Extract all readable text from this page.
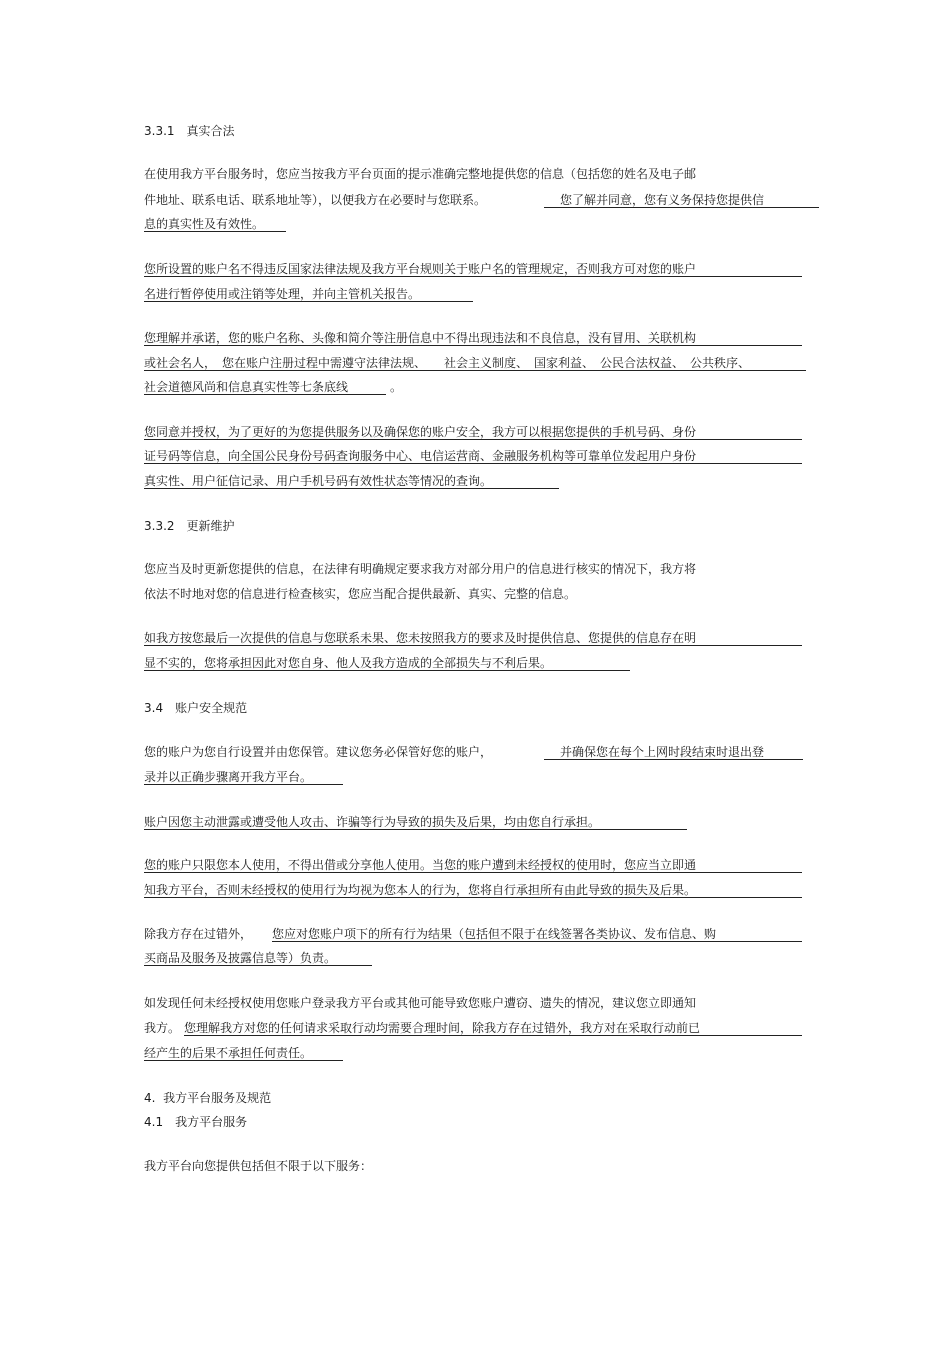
3.3.1　真实合法
在使用我方平台服务时，您应当按我方平台页面的提示准确完整地提供您的信息（包括您的姓名及电子邮
件地址、联系电话、联系地址等），以便我方在必要时与您联系。	您了解并同意，您有义务保持您提供信
息的真实性及有效性。
您所设置的账户名不得违反国家法律法规及我方平台规则关于账户名的管理规定，否则我方可对您的账户
名进行暂停使用或注销等处理，并向主管机关报告。
您理解并承诺，您的账户名称、头像和简介等注册信息中不得出现违法和不良信息，没有冒用、关联机构
或社会名人，　您在账户注册过程中需遵守法律法规、　　社会主义制度、　国家利益、　公民合法权益、　公共秩序、
社会道德风尚和信息真实性等七条底线	。
您同意并授权，为了更好的为您提供服务以及确保您的账户安全，我方可以根据您提供的手机号码、身份
证号码等信息，向全国公民身份号码查询服务中心、电信运营商、金融服务机构等可靠单位发起用户身份
真实性、用户征信记录、用户手机号码有效性状态等情况的查询。
3.3.2　更新维护
您应当及时更新您提供的信息，在法律有明确规定要求我方对部分用户的信息进行核实的情况下，我方将
依法不时地对您的信息进行检查核实，您应当配合提供最新、真实、完整的信息。
如我方按您最后一次提供的信息与您联系未果、您未按照我方的要求及时提供信息、您提供的信息存在明
显不实的，您将承担因此对您自身、他人及我方造成的全部损失与不利后果。
3.4　账户安全规范
您的账户为您自行设置并由您保管。建议您务必保管好您的账户，	并确保您在每个上网时段结束时退出登
录并以正确步骤离开我方平台。
账户因您主动泄露或遭受他人攻击、诈骗等行为导致的损失及后果，均由您自行承担。
您的账户只限您本人使用，不得出借或分享他人使用。当您的账户遭到未经授权的使用时，您应当立即通
知我方平台，否则未经授权的使用行为均视为您本人的行为，您将自行承担所有由此导致的损失及后果。
除我方存在过错外， 您应对您账户项下的所有行为结果（包括但不限于在线签署各类协议、发布信息、购
买商品及服务及披露信息等）负责。
如发现任何未经授权使用您账户登录我方平台或其他可能导致您账户遭窃、遗失的情况，建议您立即通知
我方。 您理解我方对您的任何请求采取行动均需要合理时间，除我方存在过错外，我方对在采取行动前已
经产生的后果不承担任何责任。
4.  我方平台服务及规范
4.1　我方平台服务
我方平台向您提供包括但不限于以下服务：
